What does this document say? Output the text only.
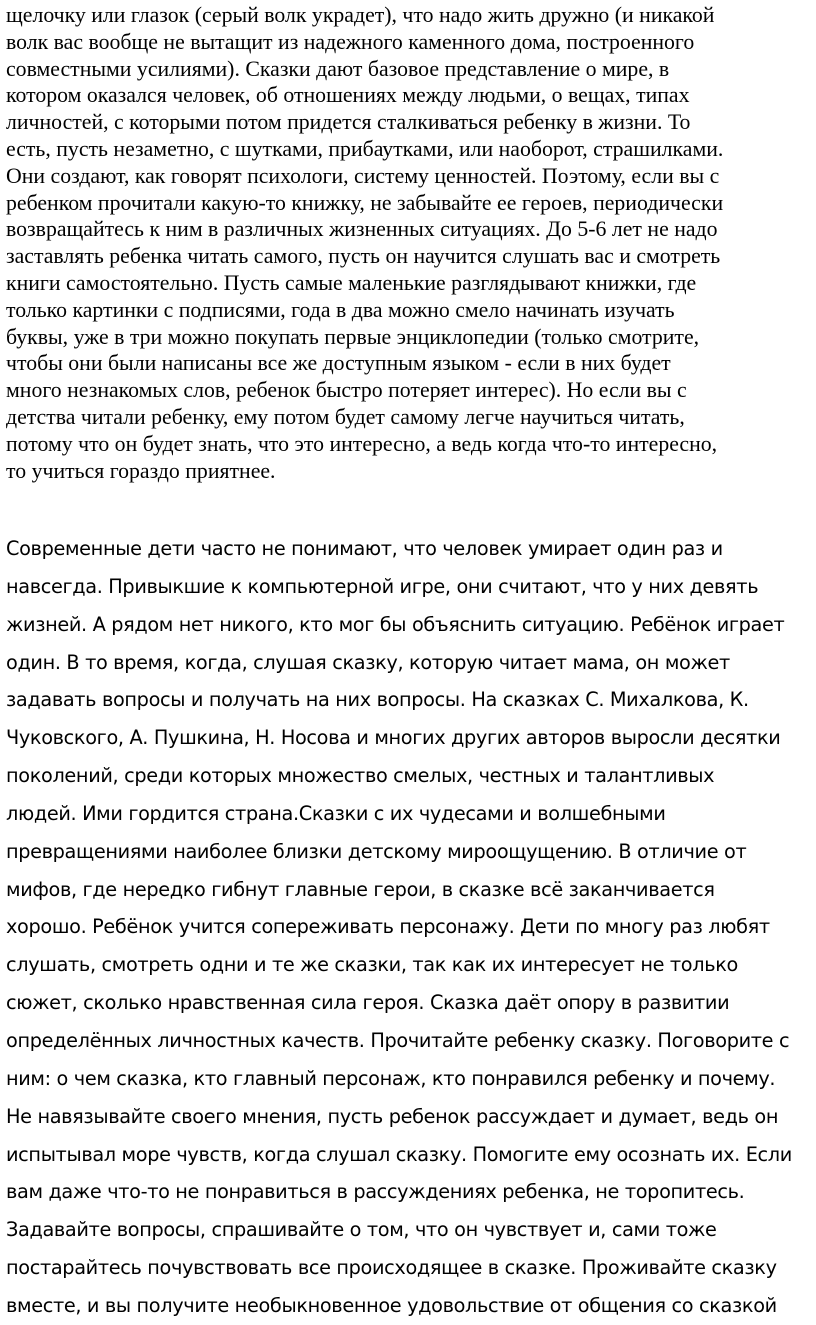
щелочку или глазок (серый волк украдет), что надо жить дружно (и никакой
волк вас вообще не вытащит из надежного каменного дома, построенного
совместными усилиями). Сказки дают базовое представление о мире, в
котором оказался человек, об отношениях между людьми, о вещах, типах
личностей, с которыми потом придется сталкиваться ребенку в жизни. То
есть, пусть незаметно, с шутками, прибаутками, или наоборот, страшилками.
Они создают, как говорят психологи, систему ценностей. Поэтому, если вы с
ребенком прочитали какую-то книжку, не забывайте ее героев, периодически
возвращайтесь к ним в различных жизненных ситуациях. До 5-6 лет не надо
заставлять ребенка читать самого, пусть он научится слушать вас и смотреть
книги самостоятельно. Пусть самые маленькие разглядывают книжки, где
только картинки с подписями, года в два можно смело начинать изучать
буквы, уже в три можно покупать первые энциклопедии (только смотрите,
чтобы они были написаны все же доступным языком - если в них будет
много незнакомых слов, ребенок быстро потеряет интерес). Но если вы с
детства читали ребенку, ему потом будет самому легче научиться читать,
потому что он будет знать, что это интересно, а ведь когда что-то интересно,
то учиться гораздо приятнее.

Современные дети часто не понимают, что человек умирает один раз и
навсегда. Привыкшие к компьютерной игре, они считают, что у них девять
жизней. А рядом нет никого, кто мог бы объяснить ситуацию. Ребёнок играет
один. В то время, когда, слушая сказку, которую читает мама, он может
задавать вопросы и получать на них вопросы. На сказках С. Михалкова, К.
Чуковского, А. Пушкина, Н. Носова и многих других авторов выросли десятки
поколений, среди которых множество смелых, честных и талантливых
людей. Ими гордится страна.Сказки с их чудесами и волшебными
превращениями наиболее близки детскому мироощущению. В отличие от
мифов, где нередко гибнут главные герои, в сказке всё заканчивается
хорошо. Ребёнок учится сопереживать персонажу. Дети по многу раз любят
слушать, смотреть одни и те же сказки, так как их интересует не только
сюжет, сколько нравственная сила героя. Сказка даёт опору в развитии
определённых личностных качеств. Прочитайте ребенку сказку. Поговорите с
ним: о чем сказка, кто главный персонаж, кто понравился ребенку и почему.
Не навязывайте своего мнения, пусть ребенок рассуждает и думает, ведь он
испытывал море чувств, когда слушал сказку. Помогите ему осознать их. Если
вам даже что-то не понравиться в рассуждениях ребенка, не торопитесь.
Задавайте вопросы, спрашивайте о том, что он чувствует и, сами тоже
постарайтесь почувствовать все происходящее в сказке. Проживайте сказку
вместе, и вы получите необыкновенное удовольствие от общения со сказкой
